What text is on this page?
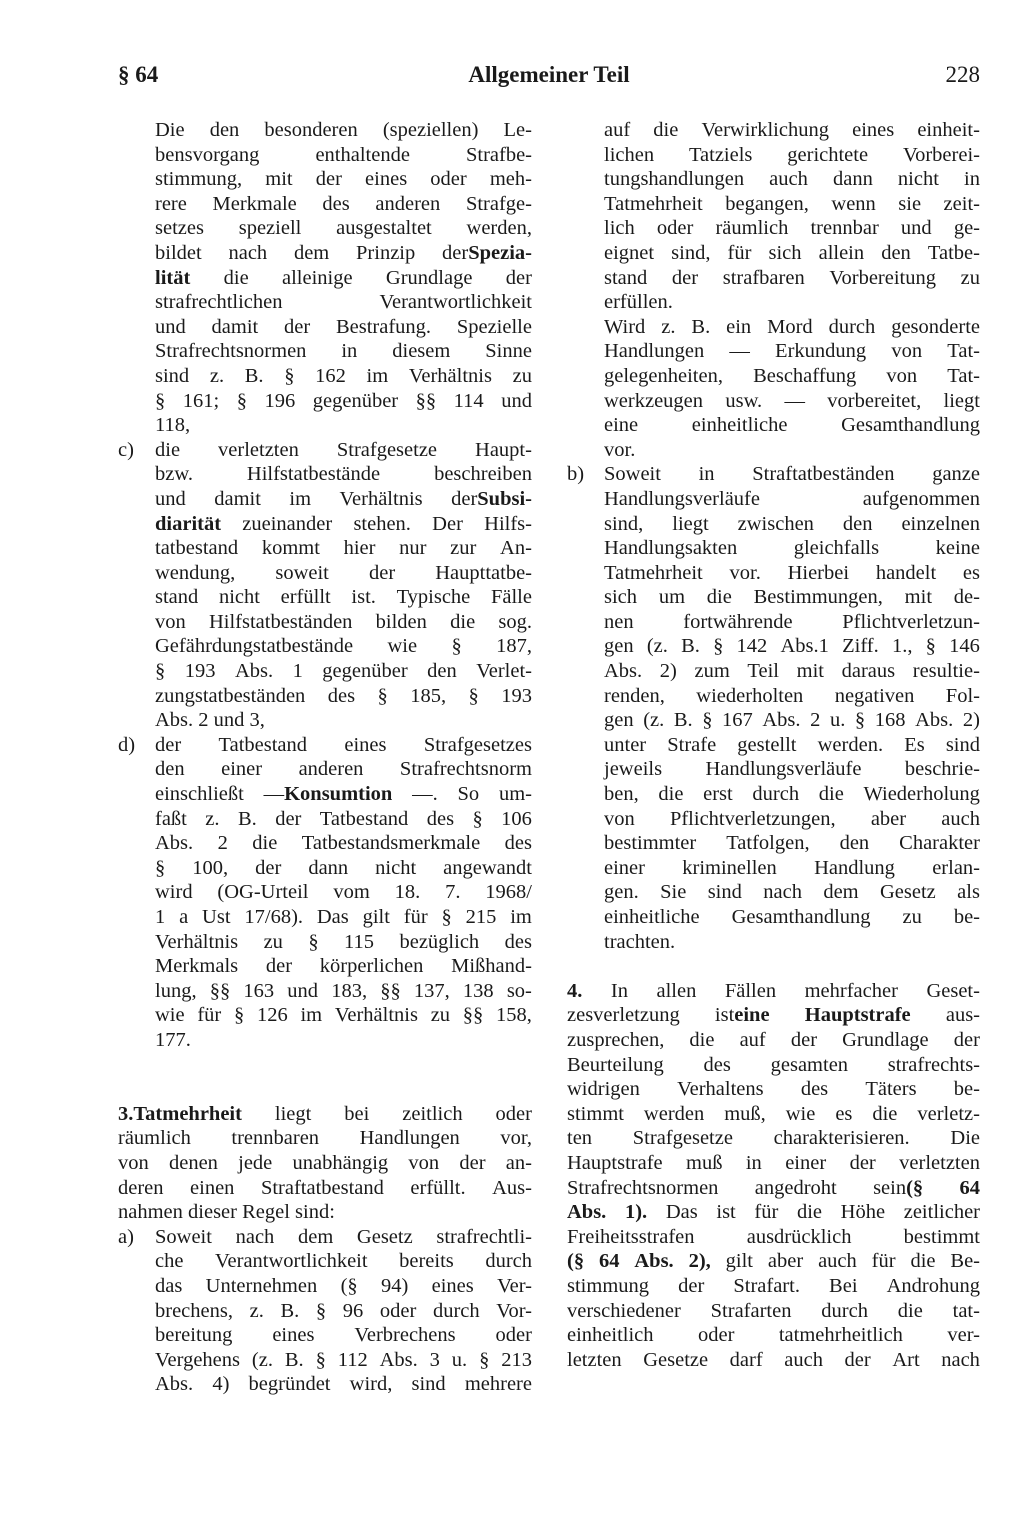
§ 64	Allgemeiner Teil	228
Die den besonderen (speziellen) Le-
bensvorgang	enthaltende	Strafbe-
stimmung, mit der eines oder meh-
rere Merkmale des anderen Strafge-
setzes speziell ausgestaltet werden,
bildet nach dem Prinzip derSpezia-
lität die alleinige Grundlage der
strafrechtlichen	Verantwortlichkeit
und damit der Bestrafung. Spezielle
Strafrechtsnormen in diesem Sinne
sind z. B. § 162 im Verhältnis zu
§ 161; § 196 gegenüber §§ 114 und
118,
c)	die verletzten Strafgesetze Haupt-
bzw.	Hilfstatbestände	beschreiben
und damit im Verhältnis derSubsi-
diarität zueinander stehen. Der Hilfs-
tatbestand kommt hier nur zur An-
wendung, soweit der Haupttatbe-
stand nicht erfüllt ist. Typische Fälle
von Hilfstatbeständen bilden die sog.
Gefährdungstatbestände wie § 187,
§ 193 Abs. 1 gegenüber den Verlet-
zungstatbeständen des § 185, § 193
Abs. 2 und 3,
d) der Tatbestand eines Strafgesetzes
den einer anderen Strafrechtsnorm
einschließt —Konsumtion —. So um-
faßt z. B. der Tatbestand des § 106
Abs. 2 die Tatbestandsmerkmale des
§ 100, der dann nicht angewandt
wird (OG-Urteil vom 18. 7. 1968/
1 a Ust 17/68). Das gilt für § 215 im
Verhältnis zu § 115 bezüglich des
Merkmals der körperlichen Mißhand-
lung, §§ 163 und 183, §§ 137, 138 so-
wie für § 126 im Verhältnis zu §§ 158,
177.
3.Tatmehrheit liegt bei zeitlich oder
räumlich trennbaren Handlungen vor,
von denen jede unabhängig von der an-
deren einen Straftatbestand erfüllt. Aus-
nahmen dieser Regel sind:
a)	Soweit nach dem Gesetz strafrechtli-
che Verantwortlichkeit bereits durch
das Unternehmen (§ 94) eines Ver-
brechens, z. B. § 96 oder durch Vor-
bereitung eines Verbrechens oder
Vergehens (z. B. § 112 Abs. 3 u. § 213
Abs. 4) begründet wird, sind mehrere
auf die Verwirklichung eines einheit-
lichen Tatziels gerichtete Vorberei-
tungshandlungen auch dann nicht in
Tatmehrheit begangen, wenn sie zeit-
lich oder räumlich trennbar und ge-
eignet sind, für sich allein den Tatbe-
stand der strafbaren Vorbereitung zu
erfüllen.
Wird z. B. ein Mord durch gesonderte
Handlungen — Erkundung von Tat-
gelegenheiten, Beschaffung von Tat-
werkzeugen usw. — vorbereitet, liegt
eine	einheitliche	Gesamthandlung
vor.
b) Soweit in Straftatbeständen ganze
Handlungsverläufe	aufgenommen
sind, liegt zwischen den einzelnen
Handlungsakten	gleichfalls	keine
Tatmehrheit vor. Hierbei handelt es
sich um die Bestimmungen, mit de-
nen fortwährende Pflichtverletzun-
gen (z. B. § 142 Abs.1 Ziff. 1., § 146
Abs. 2) zum Teil mit daraus resultie-
renden, wiederholten negativen Fol-
gen (z. B. § 167 Abs. 2 u. § 168 Abs. 2)
unter Strafe gestellt werden. Es sind
jeweils Handlungsverläufe beschrie-
ben, die erst durch die Wiederholung
von Pflichtverletzungen, aber auch
bestimmter Tatfolgen, den Charakter
einer kriminellen Handlung erlan-
gen. Sie sind nach dem Gesetz als
einheitliche Gesamthandlung zu be-
trachten.
4. In allen Fällen mehrfacher Geset-
zesverletzung isteine Hauptstrafe aus-
zusprechen, die auf der Grundlage der
Beurteilung des gesamten strafrechts-
widrigen Verhaltens des Täters be-
stimmt werden muß, wie es die verletz-
ten Strafgesetze charakterisieren. Die
Hauptstrafe muß in einer der verletzten
Strafrechtsnormen angedroht sein(§ 64
Abs. 1). Das ist für die Höhe zeitlicher
Freiheitsstrafen	ausdrücklich	bestimmt
(§ 64 Abs. 2), gilt aber auch für die Be-
stimmung der Strafart. Bei Androhung
verschiedener Strafarten durch die tat-
einheitlich oder tatmehrheitlich ver-
letzten Gesetze darf auch der Art nach
